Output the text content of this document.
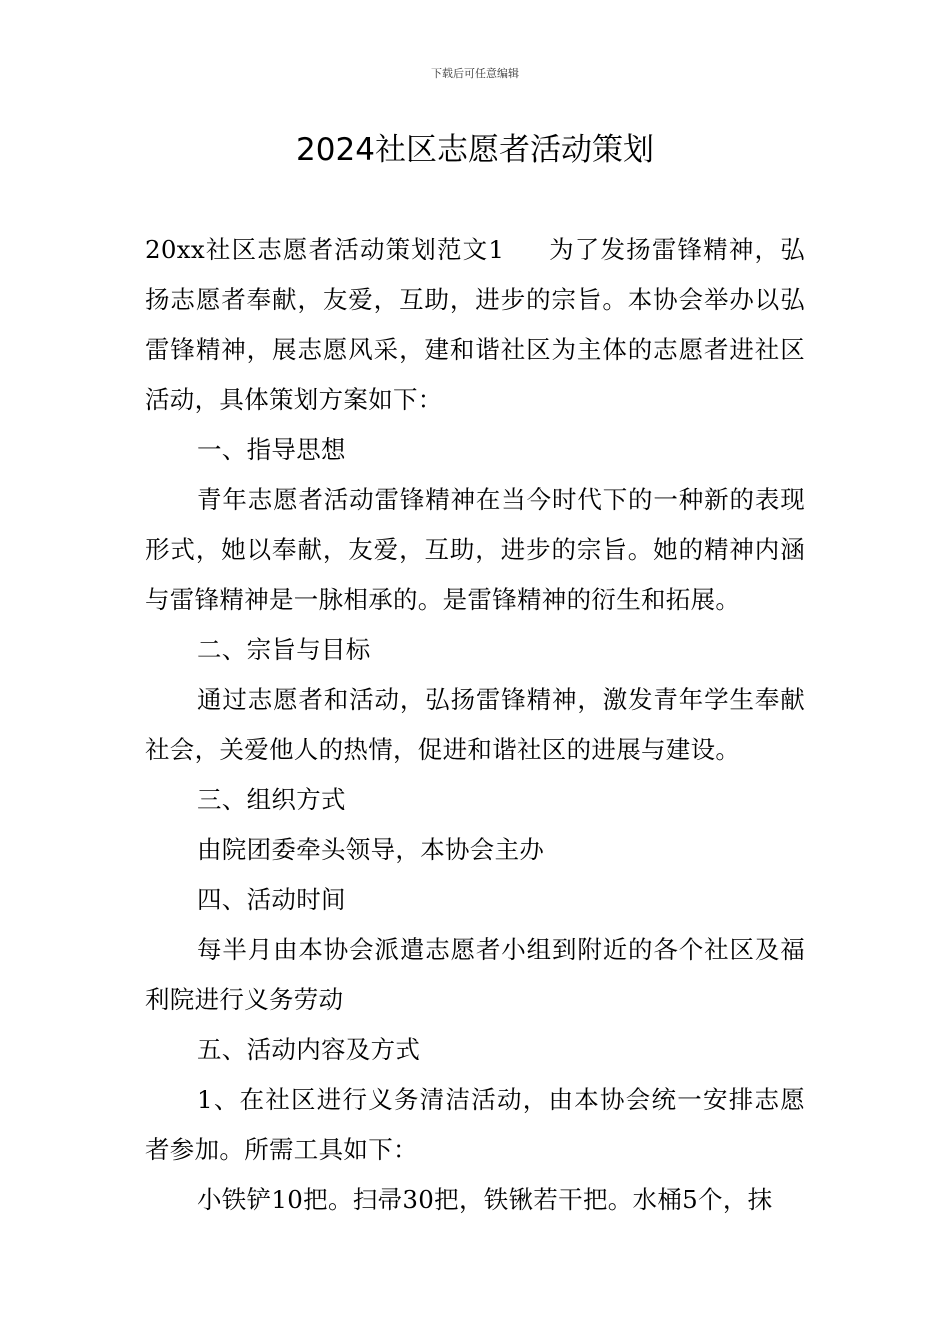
下载后可任意编辑
2024社区志愿者活动策划

20xx社区志愿者活动策划范文1 为了发扬雷锋精神，弘扬志愿者奉献，友爱，互助，进步的宗旨。本协会举办以弘雷锋精神，展志愿风采，建和谐社区为主体的志愿者进社区活动，具体策划方案如下：

一、指导思想

青年志愿者活动雷锋精神在当今时代下的一种新的表现形式，她以奉献，友爱，互助，进步的宗旨。她的精神内涵与雷锋精神是一脉相承的。是雷锋精神的衍生和拓展。

二、宗旨与目标

通过志愿者和活动，弘扬雷锋精神，激发青年学生奉献社会，关爱他人的热情，促进和谐社区的进展与建设。

三、组织方式

由院团委牵头领导，本协会主办

四、活动时间

每半月由本协会派遣志愿者小组到附近的各个社区及福利院进行义务劳动

五、活动内容及方式

1、在社区进行义务清洁活动，由本协会统一安排志愿者参加。所需工具如下：

小铁铲10把。扫帚30把，铁锹若干把。水桶5个，抹
